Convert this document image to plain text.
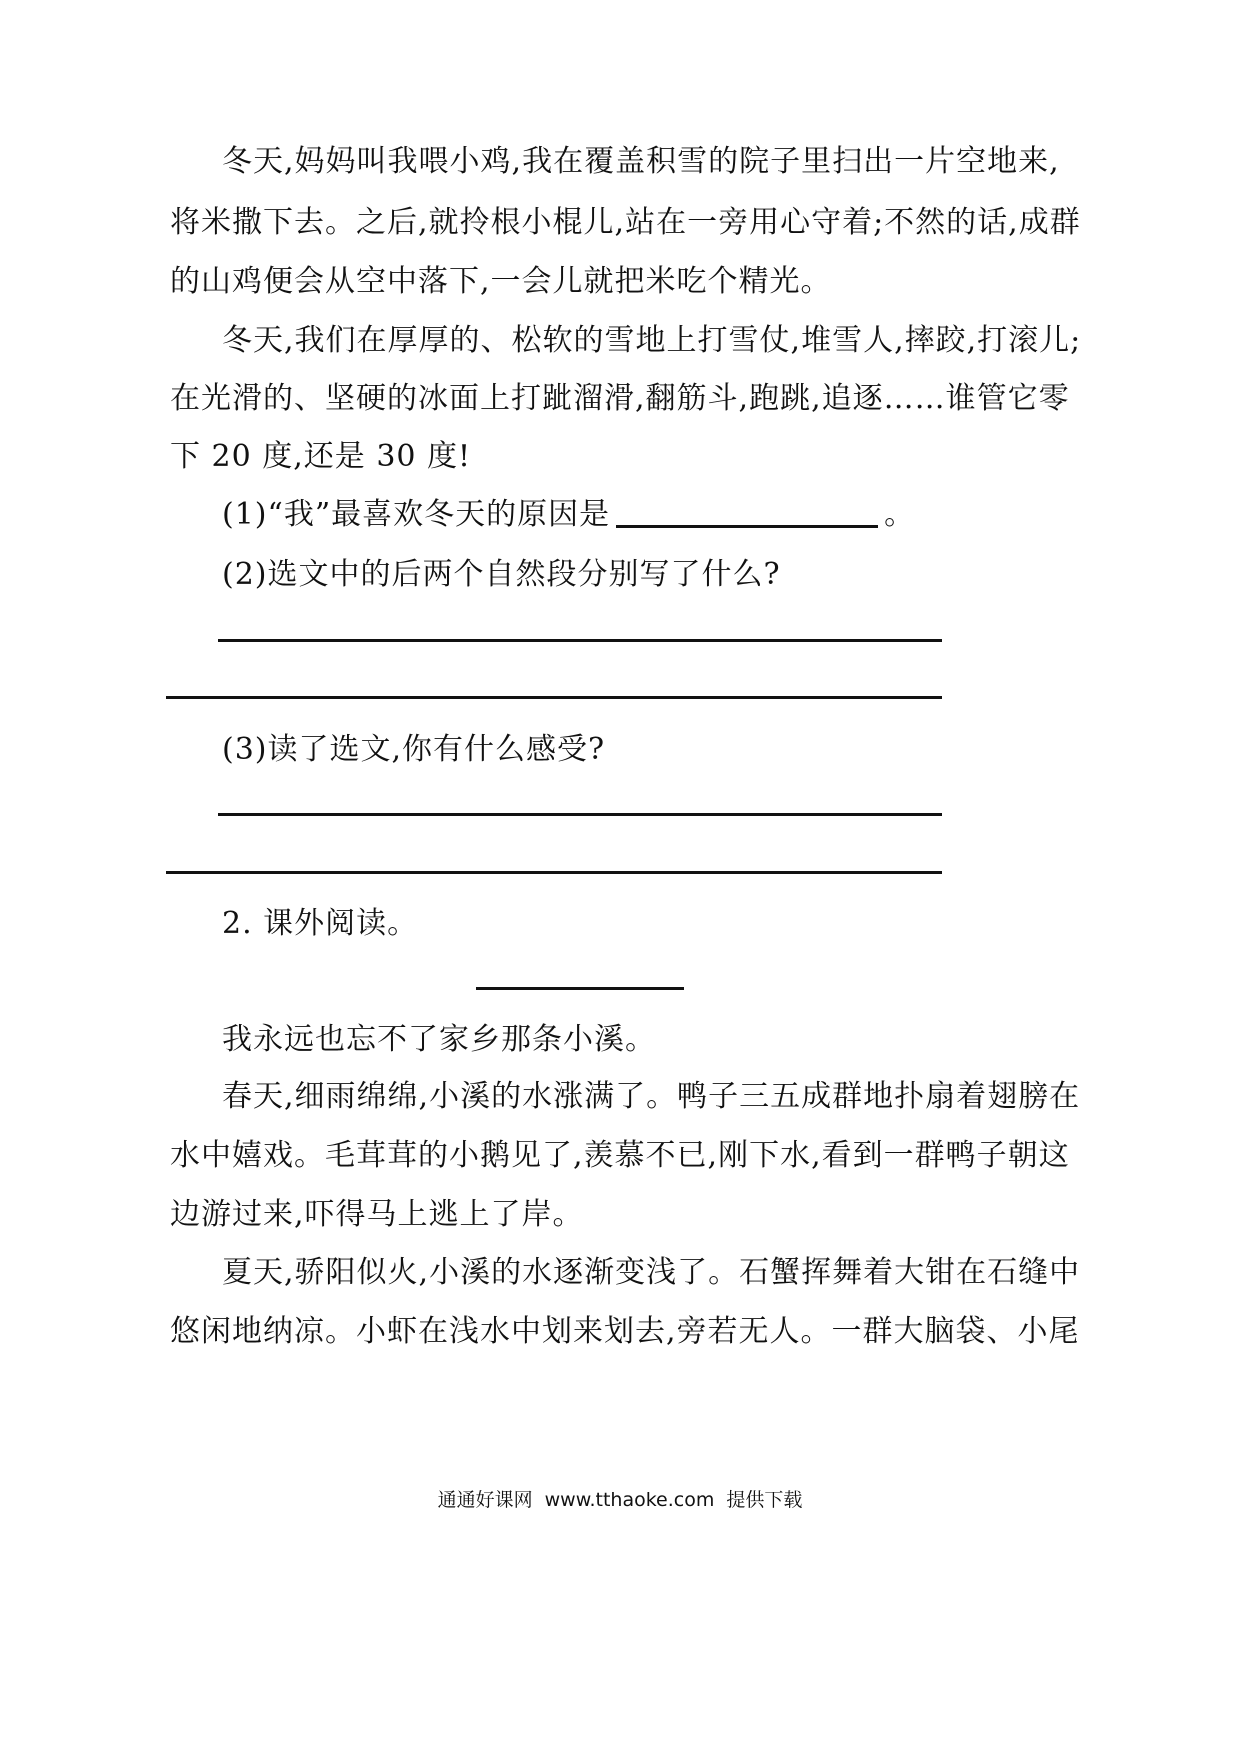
冬天,妈妈叫我喂小鸡,我在覆盖积雪的院子里扫出一片空地来,
将米撒下去。之后,就拎根小棍儿,站在一旁用心守着;不然的话,成群
的山鸡便会从空中落下,一会儿就把米吃个精光。
冬天,我们在厚厚的、松软的雪地上打雪仗,堆雪人,摔跤,打滚儿;
在光滑的、坚硬的冰面上打跐溜滑,翻筋斗,跑跳,追逐……谁管它零
下 20 度,还是 30 度!
(1)“我”最喜欢冬天的原因是	。
(2)选文中的后两个自然段分别写了什么?
(3)读了选文,你有什么感受?
2. 课外阅读。
我永远也忘不了家乡那条小溪。
春天,细雨绵绵,小溪的水涨满了。鸭子三五成群地扑扇着翅膀在
水中嬉戏。毛茸茸的小鹅见了,羡慕不已,刚下水,看到一群鸭子朝这
边游过来,吓得马上逃上了岸。
夏天,骄阳似火,小溪的水逐渐变浅了。石蟹挥舞着大钳在石缝中
悠闲地纳凉。小虾在浅水中划来划去,旁若无人。一群大脑袋、小尾
通通好课网 www.tthaoke.com 提供下载
